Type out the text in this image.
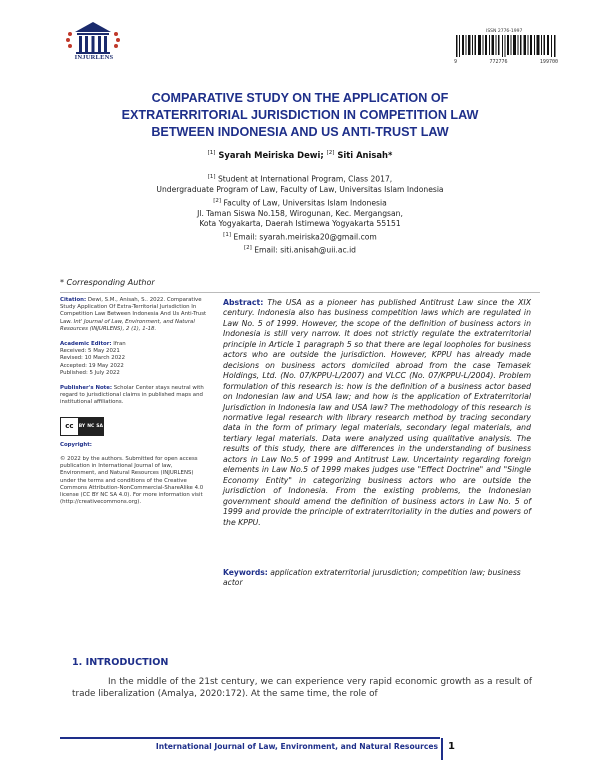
INJURLENS
ISSN 2776-1997
9	772776	199700
COMPARATIVE STUDY ON THE APPLICATION OF
EXTRATERRITORIAL JURISDICTION IN COMPETITION LAW
BETWEEN INDONESIA AND US ANTI-TRUST LAW
[1] Syarah Meiriska Dewi; [2] Siti Anisah*
[1] Student at International Program, Class 2017,
Undergraduate Program of Law, Faculty of Law, Universitas Islam Indonesia
[2] Faculty of Law, Universitas Islam Indonesia
Jl. Taman Siswa No.158, Wirogunan, Kec. Mergangsan,
Kota Yogyakarta, Daerah Istimewa Yogyakarta 55151
[1] Email: syarah.meiriska20@gmail.com
[2] Email: siti.anisah@uii.ac.id
* Corresponding Author

Citation: Dewi, S.M., Anisah, S.. 2022. Comparative Study Application Of Extra-Territorial Jurisdiction In Competition Law Between Indonesia And Us Anti-Trust Law. Int' Journal of Law, Environment, and Natural Resources (INJURLENS), 2 (1), 1-18.

Academic Editor: Ifran
Received: 5 May 2021
Revised: 10 March 2022
Accepted: 19 May 2022
Published: 5 July 2022

Publisher's Note: Scholar Center stays neutral with regard to jurisdictional claims in published maps and institutional affiliations.

cc	BY NC SA

Copyright:

© 2022 by the authors. Submitted for open access publication in International Journal of law, Environment, and Natural Resources (INJURLENS) under the terms and conditions of the Creative Commons Attribution-NonCommercial-ShareAlike 4.0 license (CC BY NC SA 4.0). For more information visit (http://creativecommons.org).

Abstract: The USA as a pioneer has published Antitrust Law since the XIX century. Indonesia also has business competition laws which are regulated in Law No. 5 of 1999. However, the scope of the definition of business actors in Indonesia is still very narrow. It does not strictly regulate the extraterritorial principle in Article 1 paragraph 5 so that there are legal loopholes for business actors who are outside the jurisdiction. However, KPPU has already made decisions on business actors domiciled abroad from the case Temasek Holdings, Ltd. (No. 07/KPPU-L/2007) and VLCC (No. 07/KPPU-L/2004). Problem formulation of this research is: how is the definition of a business actor based on Indonesian law and USA law; and how is the application of Extraterritorial Jurisdiction in Indonesia law and USA law? The methodology of this research is normative legal research with library research method by tracing secondary data in the form of primary legal materials, secondary legal materials, and tertiary legal materials. Data were analyzed using qualitative analysis. The results of this study, there are differences in the understanding of business actors in Law No.5 of 1999 and Antitrust Law. Uncertainty regarding foreign elements in Law No.5 of 1999 makes judges use "Effect Doctrine" and "Single Economy Entity" in categorizing business actors who are outside the jurisdiction of Indonesia. From the existing problems, the Indonesian government should amend the definition of business actors in Law No. 5 of 1999 and provide the principle of extraterritoriality in the duties and powers of the KPPU.
Keywords: application extraterritorial jurusdiction; competition law; business actor
1. INTRODUCTION
In the middle of the 21st century, we can experience very rapid economic growth as a result of trade liberalization (Amalya, 2020:172). At the same time, the role of
International Journal of Law, Environment, and Natural Resources 1
